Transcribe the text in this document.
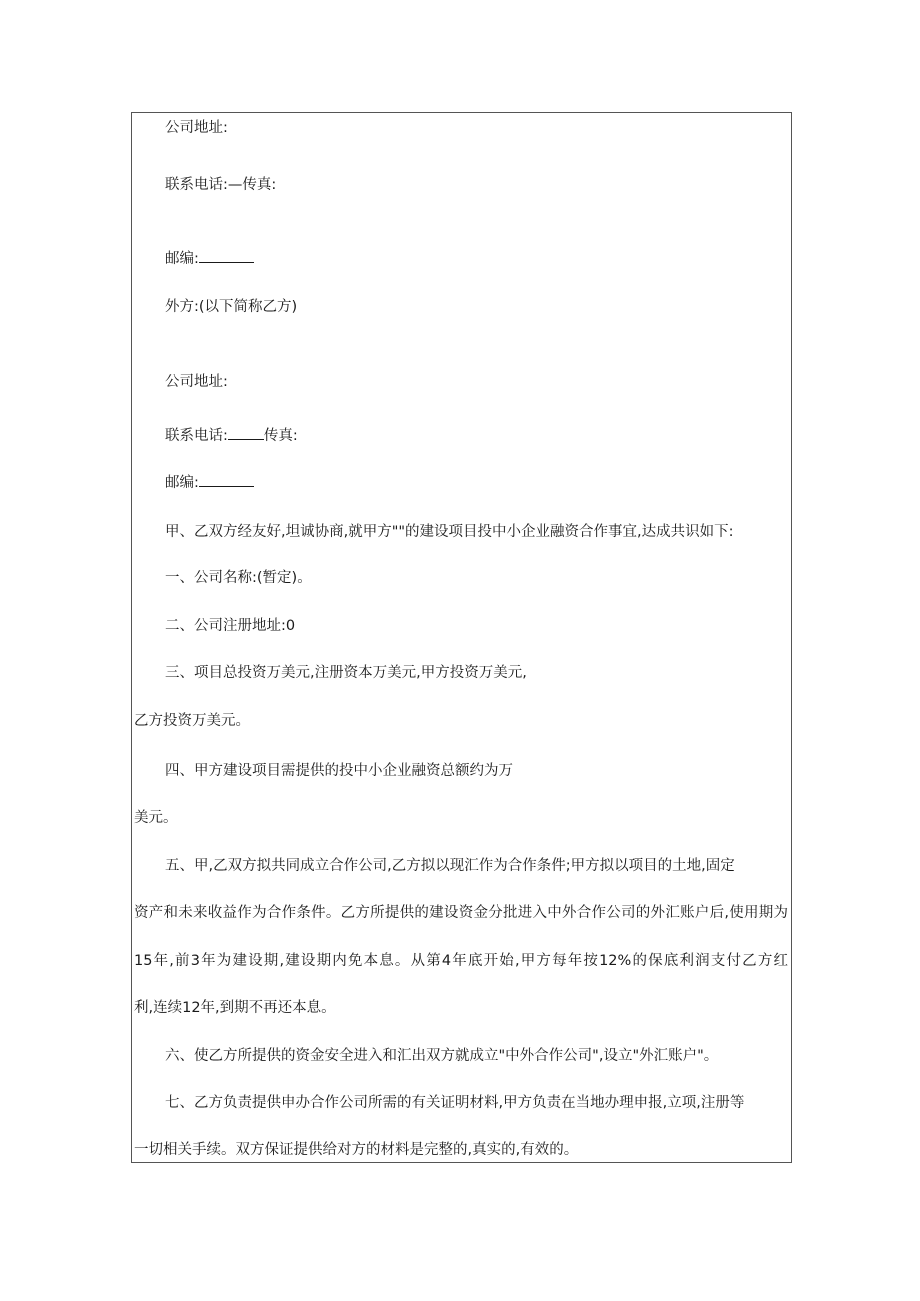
公司地址:
联系电话:—传真:
邮编:
外方:(以下简称乙方)
公司地址:
联系电话: 传真:
邮编:
甲、乙双方经友好,坦诚协商,就甲方""的建设项目投中小企业融资合作事宜,达成共识如下:
一、公司名称:(暂定)。
二、公司注册地址:0
三、项目总投资万美元,注册资本万美元,甲方投资万美元,
乙方投资万美元。
四、甲方建设项目需提供的投中小企业融资总额约为万
美元。
五、甲,乙双方拟共同成立合作公司,乙方拟以现汇作为合作条件;甲方拟以项目的土地,固定
资产和未来收益作为合作条件。乙方所提供的建设资金分批进入中外合作公司的外汇账户后,使用期为
15年,前3年为建设期,建设期内免本息。从第4年底开始,甲方每年按12%的保底利润支付乙方红
利,连续12年,到期不再还本息。
六、使乙方所提供的资金安全进入和汇出双方就成立"中外合作公司",设立"外汇账户"。
七、乙方负责提供申办合作公司所需的有关证明材料,甲方负责在当地办理申报,立项,注册等
一切相关手续。双方保证提供给对方的材料是完整的,真实的,有效的。
